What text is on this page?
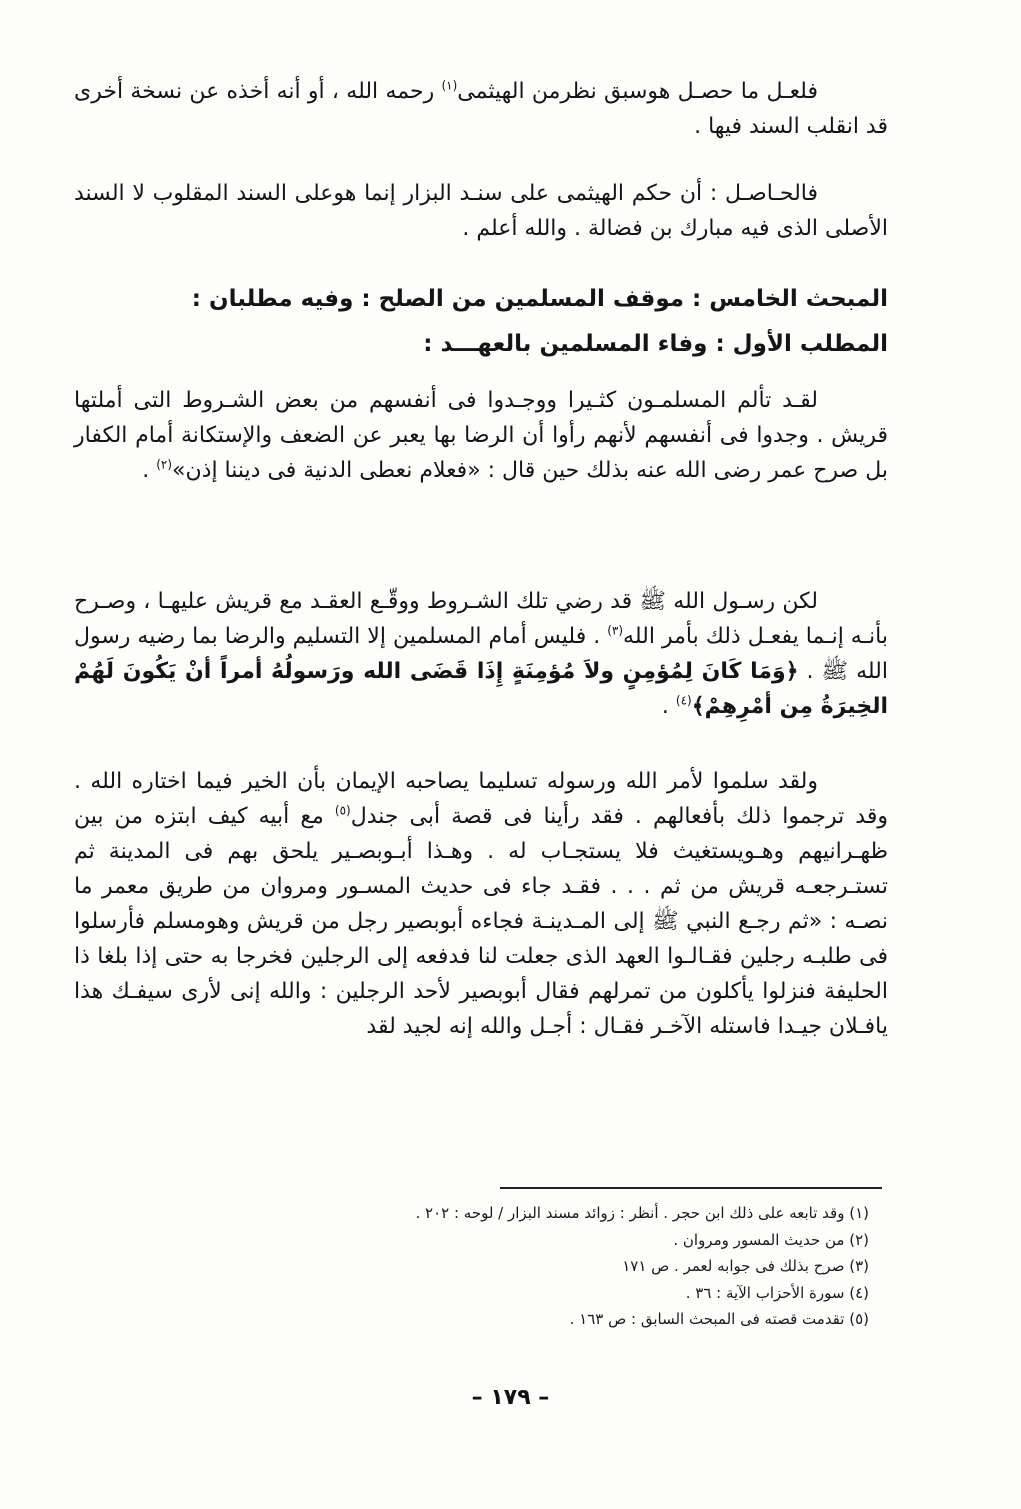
فلعـل ما حصـل هوسبق نظرمن الهيثمى$^{(١)}$ رحمه الله ، أو أنه أخذه عن نسخة أخرى قد انقلب السند فيها .

فالحـاصـل : أن حكم الهيثمى على سنـد البزار إنما هوعلى السند المقلوب لا السند الأصلى الذى فيه مبارك بن فضالة . والله أعلم .

المبحث الخامس : موقف المسلمين من الصلح : وفيه مطلبان :

المطلب الأول : وفاء المسلمين بالعهـــد :

لقـد تألم المسلمـون كثـيرا ووجـدوا فى أنفسهم من بعض الشـروط التى أملتها قريش . وجدوا فى أنفسهم لأنهم رأوا أن الرضا بها يعبر عن الضعف والإستكانة أمام الكفار بل صرح عمر رضى الله عنه بذلك حين قال : «فعلام نعطى الدنية فى ديننا إذن»$^{(٢)}$ .

لكن رسـول الله ﷺ قد رضي تلك الشـروط ووقّـع العقـد مع قريش عليهـا ، وصـرح بأنـه إنـما يفعـل ذلك بأمر الله$^{(٣)}$ . فليس أمام المسلمين إلا التسليم والرضا بما رضيه رسول الله ﷺ . ﴿وَمَا كَانَ لِمُؤمِنٍ ولاَ مُؤمِنَةٍ إِذَا قَضَى الله ورَسولُهُ أمراً أنْ يَكُونَ لَهُمْ الخِيرَةُ مِن أمْرِهِمْ﴾$^{(٤)}$ .

ولقد سلموا لأمر الله ورسوله تسليما يصاحبه الإيمان بأن الخير فيما اختاره الله . وقد ترجموا ذلك بأفعالهم . فقد رأينا فى قصة أبى جندل$^{(٥)}$ مع أبيه كيف ابتزه من بين ظهـرانيهم وهـويستغيث فلا يستجـاب له . وهـذا أبـوبصـير يلحق بهم فى المدينة ثم تستـرجعـه قريش من ثم . . . فقـد جاء فى حديث المسـور ومروان من طريق معمر ما نصـه : «ثم رجـع النبي ﷺ إلى المـدينـة فجاءه أبوبصير رجل من قريش وهومسلم فأرسلوا فى طلبـه رجلين فقـالـوا العهد الذى جعلت لنا فدفعه إلى الرجلين فخرجا به حتى إذا بلغا ذا الحليفة فنزلوا يأكلون من تمرلهم فقال أبوبصير لأحد الرجلين : والله إنى لأرى سيفـك هذا يافـلان جيـدا فاستله الآخـر فقـال : أجـل والله إنه لجيد لقد

(١) وقد تابعه على ذلك ابن حجر . أنظر : زوائد مسند البزار / لوحه : ٢٠٢ .

(٢) من حديث المسور ومروان .

(٣) صرح بذلك فى جوابه لعمر . ص ١٧١

(٤) سورة الأحزاب الآية : ٣٦ .

(٥) تقدمت قصته فى المبحث السابق : ص ١٦٣ .

– ١٧٩ –
